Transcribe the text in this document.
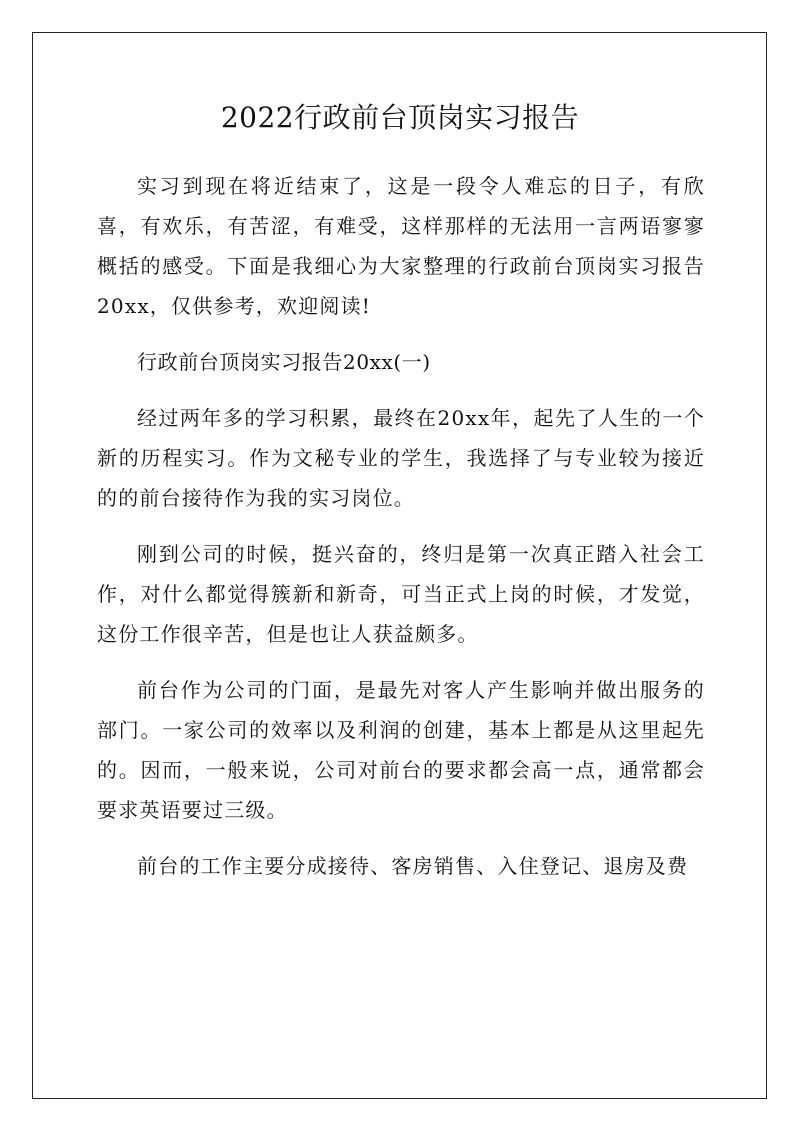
2022行政前台顶岗实习报告

实习到现在将近结束了，这是一段令人难忘的日子，有欣喜，有欢乐，有苦涩，有难受，这样那样的无法用一言两语寥寥概括的感受。下面是我细心为大家整理的行政前台顶岗实习报告20xx，仅供参考，欢迎阅读!

行政前台顶岗实习报告20xx(一)

经过两年多的学习积累，最终在20xx年，起先了人生的一个新的历程实习。作为文秘专业的学生，我选择了与专业较为接近的的前台接待作为我的实习岗位。

刚到公司的时候，挺兴奋的，终归是第一次真正踏入社会工作，对什么都觉得簇新和新奇，可当正式上岗的时候，才发觉，这份工作很辛苦，但是也让人获益颇多。

前台作为公司的门面，是最先对客人产生影响并做出服务的部门。一家公司的效率以及利润的创建，基本上都是从这里起先的。因而，一般来说，公司对前台的要求都会高一点，通常都会要求英语要过三级。

前台的工作主要分成接待、客房销售、入住登记、退房及费
